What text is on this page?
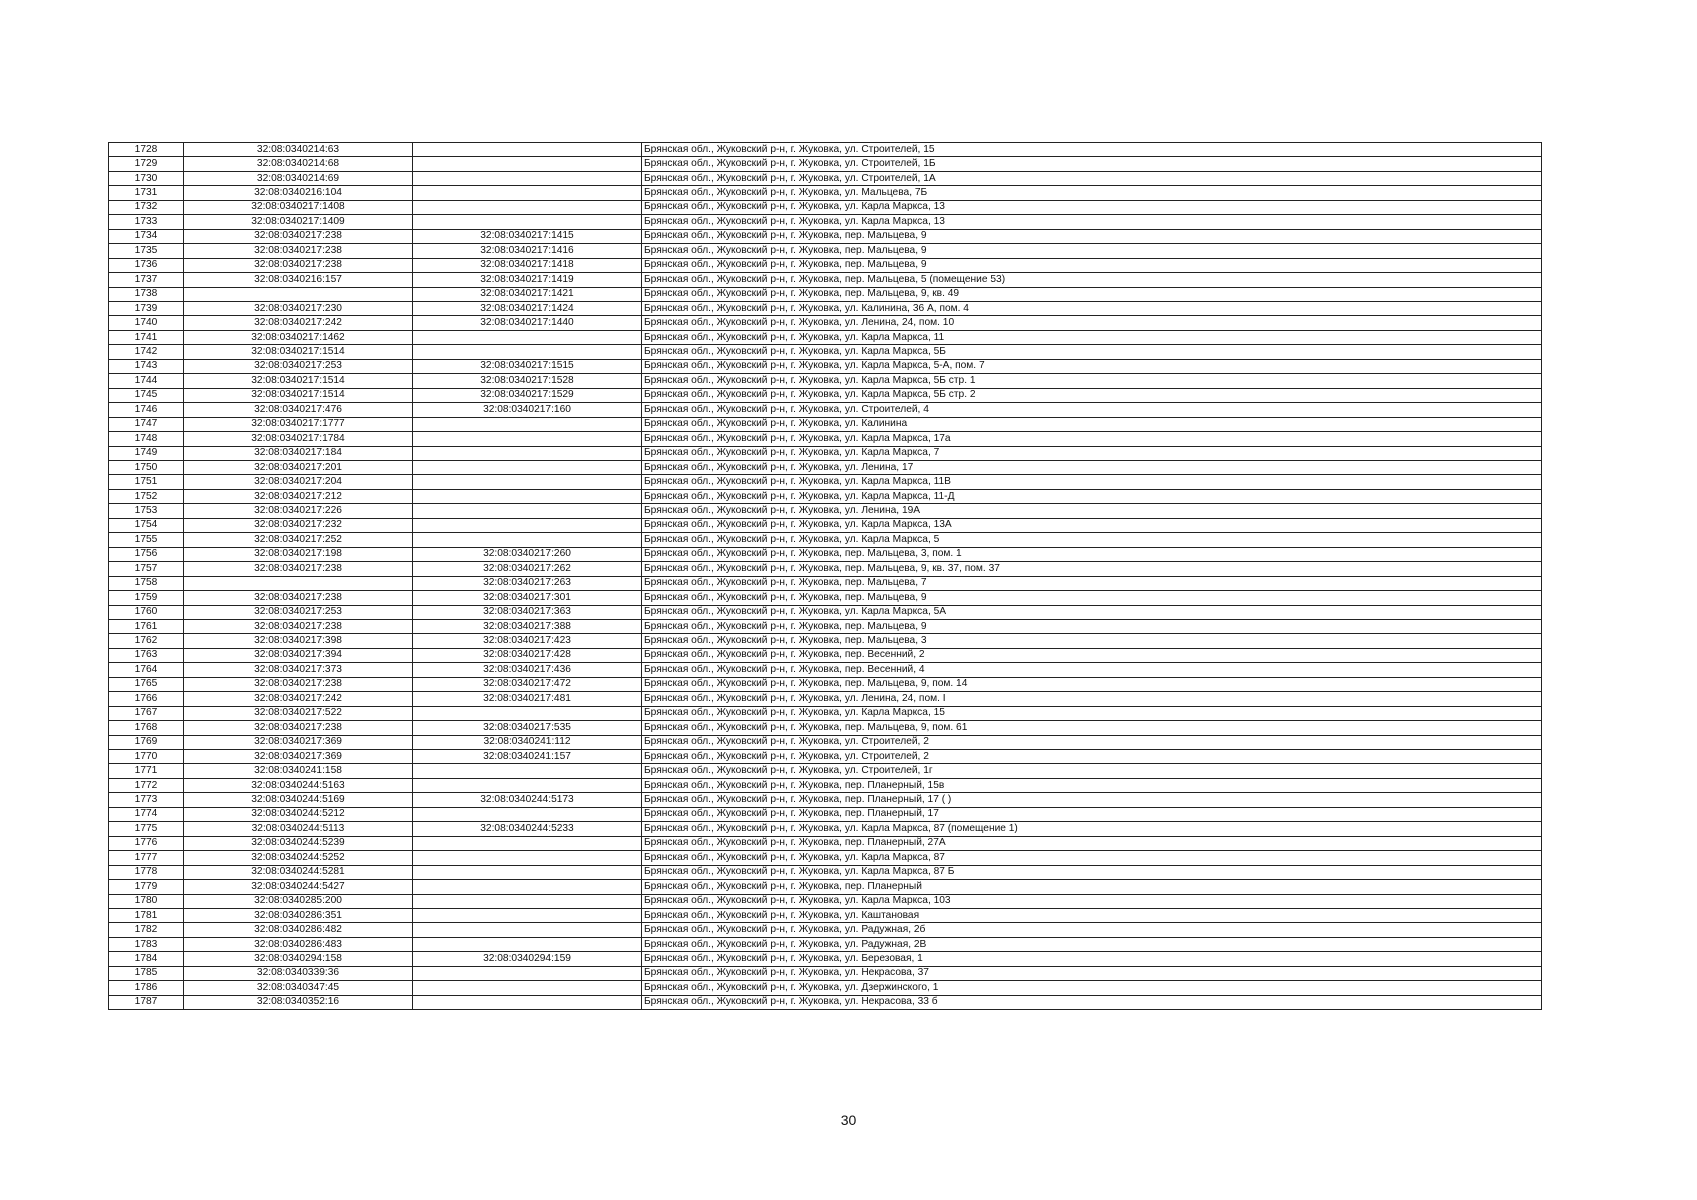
1728	32:08:0340214:63		Брянская обл., Жуковский р-н, г. Жуковка, ул. Строителей, 15
1729	32:08:0340214:68		Брянская обл., Жуковский р-н, г. Жуковка, ул. Строителей, 1Б
1730	32:08:0340214:69		Брянская обл., Жуковский р-н, г. Жуковка, ул. Строителей, 1А
1731	32:08:0340216:104		Брянская обл., Жуковский р-н, г. Жуковка, ул. Мальцева, 7Б
1732	32:08:0340217:1408		Брянская обл., Жуковский р-н, г. Жуковка, ул. Карла Маркса, 13
1733	32:08:0340217:1409		Брянская обл., Жуковский р-н, г. Жуковка, ул. Карла Маркса, 13
1734	32:08:0340217:238	32:08:0340217:1415	Брянская обл., Жуковский р-н, г. Жуковка, пер. Мальцева, 9
1735	32:08:0340217:238	32:08:0340217:1416	Брянская обл., Жуковский р-н, г. Жуковка, пер. Мальцева, 9
1736	32:08:0340217:238	32:08:0340217:1418	Брянская обл., Жуковский р-н, г. Жуковка, пер. Мальцева, 9
1737	32:08:0340216:157	32:08:0340217:1419	Брянская обл., Жуковский р-н, г. Жуковка, пер. Мальцева, 5 (помещение 53)
1738		32:08:0340217:1421	Брянская обл., Жуковский р-н, г. Жуковка, пер. Мальцева, 9, кв. 49
1739	32:08:0340217:230	32:08:0340217:1424	Брянская обл., Жуковский р-н, г. Жуковка, ул. Калинина, 36 А, пом. 4
1740	32:08:0340217:242	32:08:0340217:1440	Брянская обл., Жуковский р-н, г. Жуковка, ул. Ленина, 24, пом. 10
1741	32:08:0340217:1462		Брянская обл., Жуковский р-н, г. Жуковка, ул. Карла Маркса, 11
1742	32:08:0340217:1514		Брянская обл., Жуковский р-н, г. Жуковка, ул. Карла Маркса, 5Б
1743	32:08:0340217:253	32:08:0340217:1515	Брянская обл., Жуковский р-н, г. Жуковка, ул. Карла Маркса, 5-А, пом. 7
1744	32:08:0340217:1514	32:08:0340217:1528	Брянская обл., Жуковский р-н, г. Жуковка, ул. Карла Маркса, 5Б стр. 1
1745	32:08:0340217:1514	32:08:0340217:1529	Брянская обл., Жуковский р-н, г. Жуковка, ул. Карла Маркса, 5Б стр. 2
1746	32:08:0340217:476	32:08:0340217:160	Брянская обл., Жуковский р-н, г. Жуковка, ул. Строителей, 4
1747	32:08:0340217:1777		Брянская обл., Жуковский р-н, г. Жуковка, ул. Калинина
1748	32:08:0340217:1784		Брянская обл., Жуковский р-н, г. Жуковка, ул. Карла Маркса, 17а
1749	32:08:0340217:184		Брянская обл., Жуковский р-н, г. Жуковка, ул. Карла Маркса, 7
1750	32:08:0340217:201		Брянская обл., Жуковский р-н, г. Жуковка, ул. Ленина, 17
1751	32:08:0340217:204		Брянская обл., Жуковский р-н, г. Жуковка, ул. Карла Маркса, 11В
1752	32:08:0340217:212		Брянская обл., Жуковский р-н, г. Жуковка, ул. Карла Маркса, 11-Д
1753	32:08:0340217:226		Брянская обл., Жуковский р-н, г. Жуковка, ул. Ленина, 19А
1754	32:08:0340217:232		Брянская обл., Жуковский р-н, г. Жуковка, ул. Карла Маркса, 13А
1755	32:08:0340217:252		Брянская обл., Жуковский р-н, г. Жуковка, ул. Карла Маркса, 5
1756	32:08:0340217:198	32:08:0340217:260	Брянская обл., Жуковский р-н, г. Жуковка, пер. Мальцева, 3, пом. 1
1757	32:08:0340217:238	32:08:0340217:262	Брянская обл., Жуковский р-н, г. Жуковка, пер. Мальцева, 9, кв. 37, пом. 37
1758		32:08:0340217:263	Брянская обл., Жуковский р-н, г. Жуковка, пер. Мальцева, 7
1759	32:08:0340217:238	32:08:0340217:301	Брянская обл., Жуковский р-н, г. Жуковка, пер. Мальцева, 9
1760	32:08:0340217:253	32:08:0340217:363	Брянская обл., Жуковский р-н, г. Жуковка, ул. Карла Маркса, 5А
1761	32:08:0340217:238	32:08:0340217:388	Брянская обл., Жуковский р-н, г. Жуковка, пер. Мальцева, 9
1762	32:08:0340217:398	32:08:0340217:423	Брянская обл., Жуковский р-н, г. Жуковка, пер. Мальцева, 3
1763	32:08:0340217:394	32:08:0340217:428	Брянская обл., Жуковский р-н, г. Жуковка, пер. Весенний, 2
1764	32:08:0340217:373	32:08:0340217:436	Брянская обл., Жуковский р-н, г. Жуковка, пер. Весенний, 4
1765	32:08:0340217:238	32:08:0340217:472	Брянская обл., Жуковский р-н, г. Жуковка, пер. Мальцева, 9, пом. 14
1766	32:08:0340217:242	32:08:0340217:481	Брянская обл., Жуковский р-н, г. Жуковка, ул. Ленина, 24, пом. I
1767	32:08:0340217:522		Брянская обл., Жуковский р-н, г. Жуковка, ул. Карла Маркса, 15
1768	32:08:0340217:238	32:08:0340217:535	Брянская обл., Жуковский р-н, г. Жуковка, пер. Мальцева, 9, пом. 61
1769	32:08:0340217:369	32:08:0340241:112	Брянская обл., Жуковский р-н, г. Жуковка, ул. Строителей, 2
1770	32:08:0340217:369	32:08:0340241:157	Брянская обл., Жуковский р-н, г. Жуковка, ул. Строителей, 2
1771	32:08:0340241:158		Брянская обл., Жуковский р-н, г. Жуковка, ул. Строителей, 1г
1772	32:08:0340244:5163		Брянская обл., Жуковский р-н, г. Жуковка, пер. Планерный, 15в
1773	32:08:0340244:5169	32:08:0340244:5173	Брянская обл., Жуковский р-н, г. Жуковка, пер. Планерный, 17 ( )
1774	32:08:0340244:5212		Брянская обл., Жуковский р-н, г. Жуковка, пер. Планерный, 17
1775	32:08:0340244:5113	32:08:0340244:5233	Брянская обл., Жуковский р-н, г. Жуковка, ул. Карла Маркса, 87 (помещение 1)
1776	32:08:0340244:5239		Брянская обл., Жуковский р-н, г. Жуковка, пер. Планерный, 27А
1777	32:08:0340244:5252		Брянская обл., Жуковский р-н, г. Жуковка, ул. Карла Маркса, 87
1778	32:08:0340244:5281		Брянская обл., Жуковский р-н, г. Жуковка, ул. Карла Маркса, 87 Б
1779	32:08:0340244:5427		Брянская обл., Жуковский р-н, г. Жуковка, пер. Планерный
1780	32:08:0340285:200		Брянская обл., Жуковский р-н, г. Жуковка, ул. Карла Маркса, 103
1781	32:08:0340286:351		Брянская обл., Жуковский р-н, г. Жуковка, ул. Каштановая
1782	32:08:0340286:482		Брянская обл., Жуковский р-н, г. Жуковка, ул. Радужная, 2б
1783	32:08:0340286:483		Брянская обл., Жуковский р-н, г. Жуковка, ул. Радужная, 2В
1784	32:08:0340294:158	32:08:0340294:159	Брянская обл., Жуковский р-н, г. Жуковка, ул. Березовая, 1
1785	32:08:0340339:36		Брянская обл., Жуковский р-н, г. Жуковка, ул. Некрасова, 37
1786	32:08:0340347:45		Брянская обл., Жуковский р-н, г. Жуковка, ул. Дзержинского, 1
1787	32:08:0340352:16		Брянская обл., Жуковский р-н, г. Жуковка, ул. Некрасова, 33 б
30
